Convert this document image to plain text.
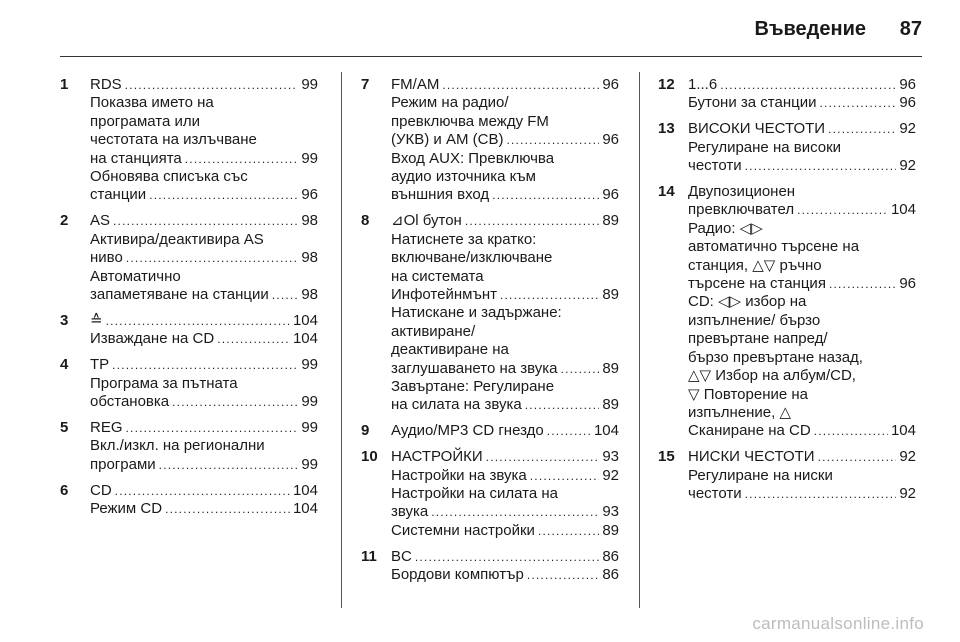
Въведение 87
1	RDS .....	99
Показва името на
програмата или
честотата на излъчване
на станцията .....	99
Обновява списъка със
станции .....	96
2	AS .....	98
Активира/деактивира AS
ниво .....	98
Автоматично
запаметяване на станции ..... 98
3	≙ .....	104
Изваждане на CD .....	104
4	TP .....	99
Програма за пътната
обстановка .....	99
5	REG .....	99
Вкл./изкл. на регионални
програми .....	99
6	CD .....	104
Режим CD .....	104
7	FM/AM .....	96
Режим на радио/
превключва между FM
(УКВ) и AM (СВ) .....	96
Вход AUX: Превключва
аудио източника към
външния вход .....	96
8	⊿Ol бутон .....	89
Натиснете за кратко:
включване/изключване
на системата
Инфотейнмънт .....	89
Натискане и задържане:
активиране/
деактивиране на
заглушаването на звука .....	89
Завъртане: Регулиране
на силата на звука .....	89
9	Аудио/MP3 CD гнездо .....	104
10 НАСТРОЙКИ .....	93
Настройки на звука .....	92
Настройки на силата на
звука .....	93
Системни настройки .....	89
11 BC .....	86
Бордови компютър .....	86
12 1...6 .....	96
Бутони за станции .....	96
13 ВИСОКИ ЧЕСТОТИ .....	92
Регулиране на високи
честоти .....	92
14 Двупозиционен
превключвател .....	104
Радио: ◁▷
автоматично търсене на
станция, △▽ ръчно
търсене на станция .....	96
CD: ◁▷ избор на
изпълнение/ бързо
превъртане напред/
бързо превъртане назад,
△▽ Избор на албум/CD,
▽ Повторение на
изпълнение, △
Сканиране на CD .....	104
15 НИСКИ ЧЕСТОТИ .....	92
Регулиране на ниски
честоти .....	92
carmanualsonline.info
